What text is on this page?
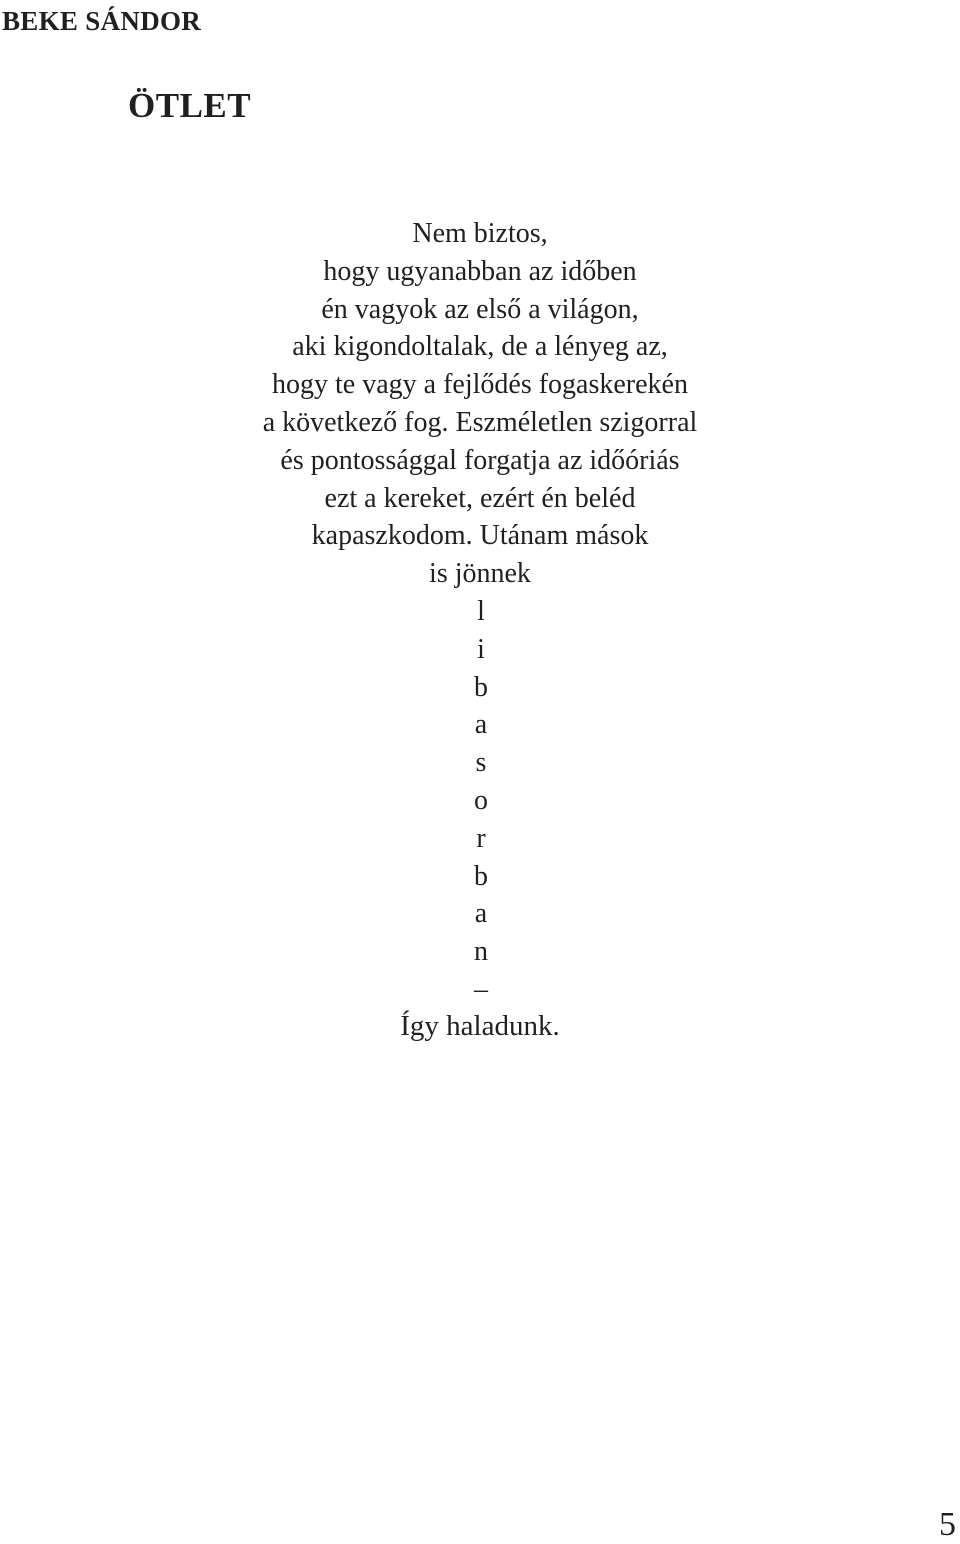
BEKE SÁNDOR
ÖTLET
Nem biztos,
hogy ugyanabban az időben
én vagyok az első a világon,
aki kigondoltalak, de a lényeg az,
hogy te vagy a fejlődés fogaskerekén
a következő fog. Eszméletlen szigorral
és pontossággal forgatja az időóriás
ezt a kereket, ezért én beléd
kapaszkodom. Utánam mások
is jönnek
l
i
b
a
s
o
r
b
a
n
–
Így haladunk.
5
